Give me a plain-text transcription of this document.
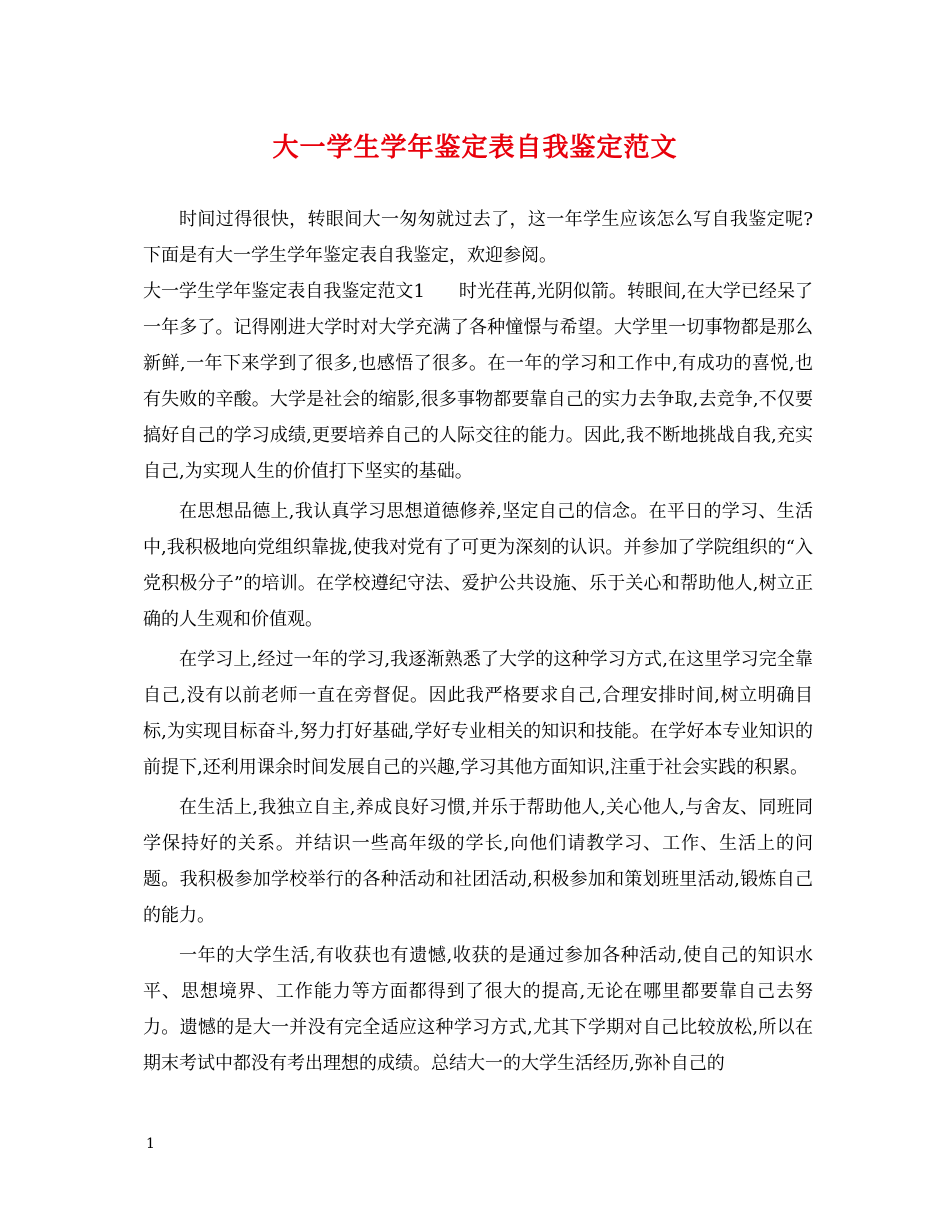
大一学生学年鉴定表自我鉴定范文

时间过得很快，转眼间大一匆匆就过去了，这一年学生应该怎么写自我鉴定呢?下面是有大一学生学年鉴定表自我鉴定，欢迎参阅。

大一学生学年鉴定表自我鉴定范文1 时光荏苒,光阴似箭。转眼间,在大学已经呆了一年多了。记得刚进大学时对大学充满了各种憧憬与希望。大学里一切事物都是那么新鲜,一年下来学到了很多,也感悟了很多。在一年的学习和工作中,有成功的喜悦,也有失败的辛酸。大学是社会的缩影,很多事物都要靠自己的实力去争取,去竞争,不仅要搞好自己的学习成绩,更要培养自己的人际交往的能力。因此,我不断地挑战自我,充实自己,为实现人生的价值打下坚实的基础。

在思想品德上,我认真学习思想道德修养,坚定自己的信念。在平日的学习、生活中,我积极地向党组织靠拢,使我对党有了可更为深刻的认识。并参加了学院组织的“入党积极分子”的培训。在学校遵纪守法、爱护公共设施、乐于关心和帮助他人,树立正确的人生观和价值观。

在学习上,经过一年的学习,我逐渐熟悉了大学的这种学习方式,在这里学习完全靠自己,没有以前老师一直在旁督促。因此我严格要求自己,合理安排时间,树立明确目标,为实现目标奋斗,努力打好基础,学好专业相关的知识和技能。在学好本专业知识的前提下,还利用课余时间发展自己的兴趣,学习其他方面知识,注重于社会实践的积累。

在生活上,我独立自主,养成良好习惯,并乐于帮助他人,关心他人,与舍友、同班同学保持好的关系。并结识一些高年级的学长,向他们请教学习、工作、生活上的问题。我积极参加学校举行的各种活动和社团活动,积极参加和策划班里活动,锻炼自己的能力。

一年的大学生活,有收获也有遗憾,收获的是通过参加各种活动,使自己的知识水平、思想境界、工作能力等方面都得到了很大的提高,无论在哪里都要靠自己去努力。遗憾的是大一并没有完全适应这种学习方式,尤其下学期对自己比较放松,所以在期末考试中都没有考出理想的成绩。总结大一的大学生活经历,弥补自己的

1
